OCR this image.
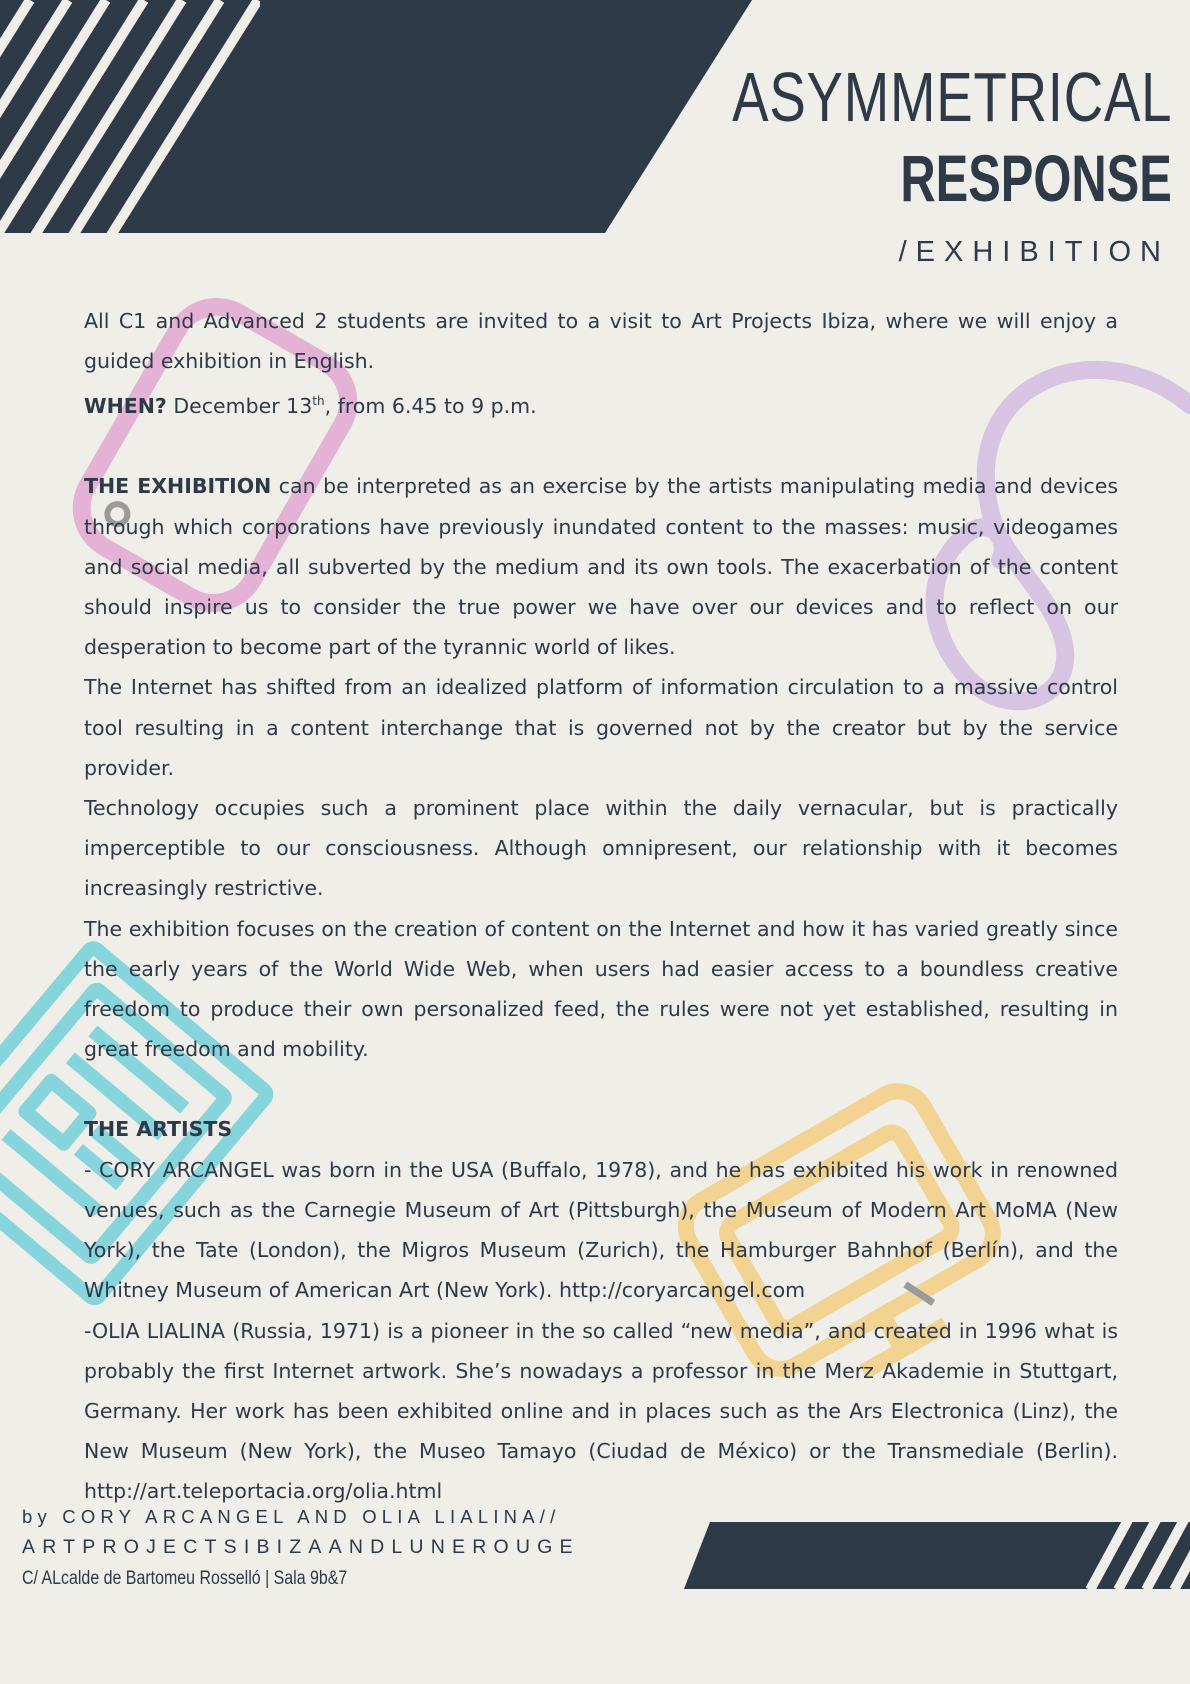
ASYMMETRICAL
RESPONSE
/EXHIBITION

All C1 and Advanced 2 students are invited to a visit to Art Projects Ibiza, where we will enjoy a guided exhibition in English.

WHEN? December 13th, from 6.45 to 9 p.m.

THE EXHIBITION can be interpreted as an exercise by the artists manipulating media and devices through which corporations have previously inundated content to the masses: music, videogames and social media, all subverted by the medium and its own tools. The exacerbation of the content should inspire us to consider the true power we have over our devices and to reflect on our desperation to become part of the tyrannic world of likes.

The Internet has shifted from an idealized platform of information circulation to a massive control tool resulting in a content interchange that is governed not by the creator but by the service provider.

Technology occupies such a prominent place within the daily vernacular, but is practically imperceptible to our consciousness. Although omnipresent, our relationship with it becomes increasingly restrictive.

The exhibition focuses on the creation of content on the Internet and how it has varied greatly since the early years of the World Wide Web, when users had easier access to a boundless creative freedom to produce their own personalized feed, the rules were not yet established, resulting in great freedom and mobility.

THE ARTISTS

- CORY ARCANGEL was born in the USA (Buffalo, 1978), and he has exhibited his work in renowned venues, such as the Carnegie Museum of Art (Pittsburgh), the Museum of Modern Art MoMA (New York), the Tate (London), the Migros Museum (Zurich), the Hamburger Bahnhof (Berlín), and the Whitney Museum of American Art (New York). http://coryarcangel.com

-OLIA LIALINA (Russia, 1971) is a pioneer in the so called “new media”, and created in 1996 what is probably the first Internet artwork. She’s nowadays a professor in the Merz Akademie in Stuttgart, Germany. Her work has been exhibited online and in places such as the Ars Electronica (Linz), the New Museum (New York), the Museo Tamayo (Ciudad de México) or the Transmediale (Berlin). http://art.teleportacia.org/olia.html

by CORY ARCANGEL AND OLIA LIALINA//
ARTPROJECTSIBIZAANDLUNEROUGE
C/ ALcalde de Bartomeu Rosselló | Sala 9b&7
